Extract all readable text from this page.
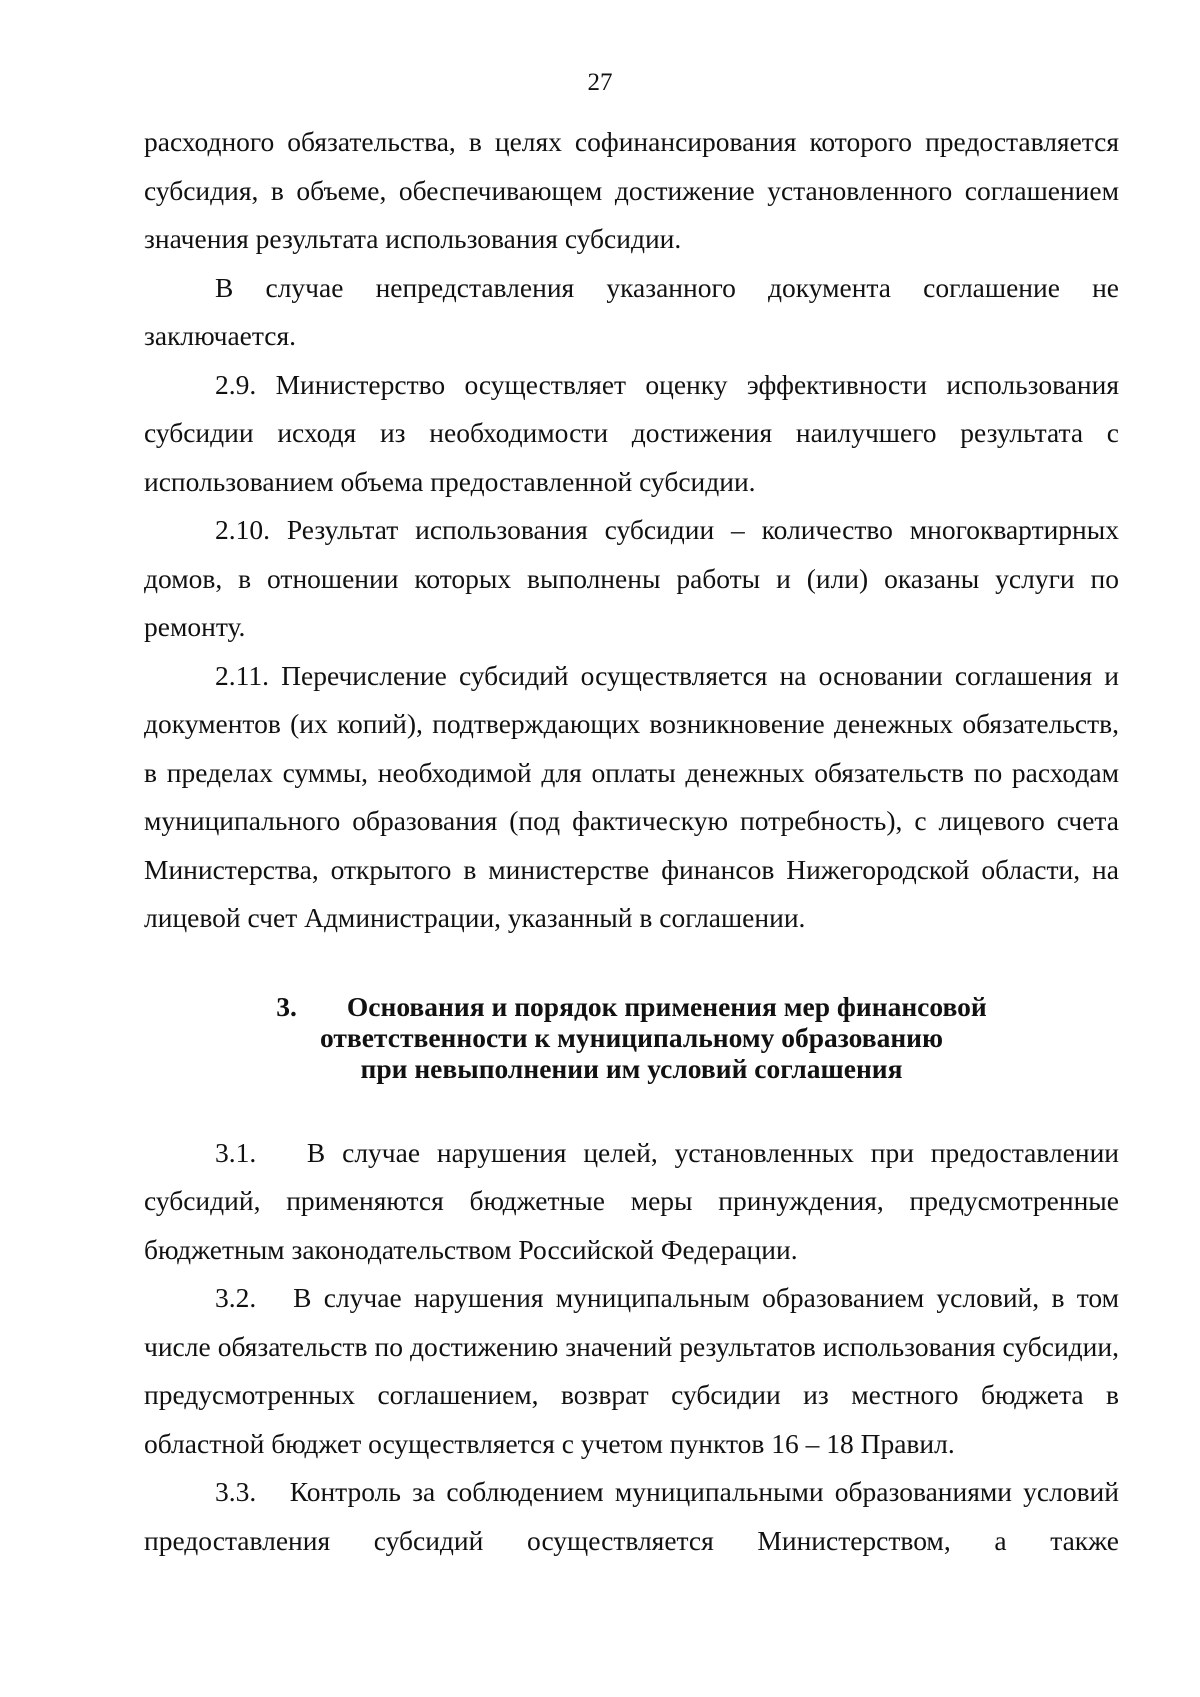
27

расходного обязательства, в целях софинансирования которого предоставляется субсидия, в объеме, обеспечивающем достижение установленного соглашением значения результата использования субсидии.

В случае непредставления указанного документа соглашение не заключается.

2.9. Министерство осуществляет оценку эффективности использования субсидии исходя из необходимости достижения наилучшего результата с использованием объема предоставленной субсидии.

2.10. Результат использования субсидии – количество многоквартирных домов, в отношении которых выполнены работы и (или) оказаны услуги по ремонту.

2.11. Перечисление субсидий осуществляется на основании соглашения и документов (их копий), подтверждающих возникновение денежных обязательств, в пределах суммы, необходимой для оплаты денежных обязательств по расходам муниципального образования (под фактическую потребность), с лицевого счета Министерства, открытого в министерстве финансов Нижегородской области, на лицевой счет Администрации, указанный в соглашении.

3. Основания и порядок применения мер финансовой
ответственности к муниципальному образованию
при невыполнении им условий соглашения

3.1.   В случае нарушения целей, установленных при предоставлении субсидий, применяются бюджетные меры принуждения, предусмотренные бюджетным законодательством Российской Федерации.

3.2.   В случае нарушения муниципальным образованием условий, в том числе обязательств по достижению значений результатов использования субсидии, предусмотренных соглашением, возврат субсидии из местного бюджета в областной бюджет осуществляется с учетом пунктов 16 – 18 Правил.

3.3.   Контроль за соблюдением муниципальными образованиями условий предоставления субсидий осуществляется Министерством, а также
